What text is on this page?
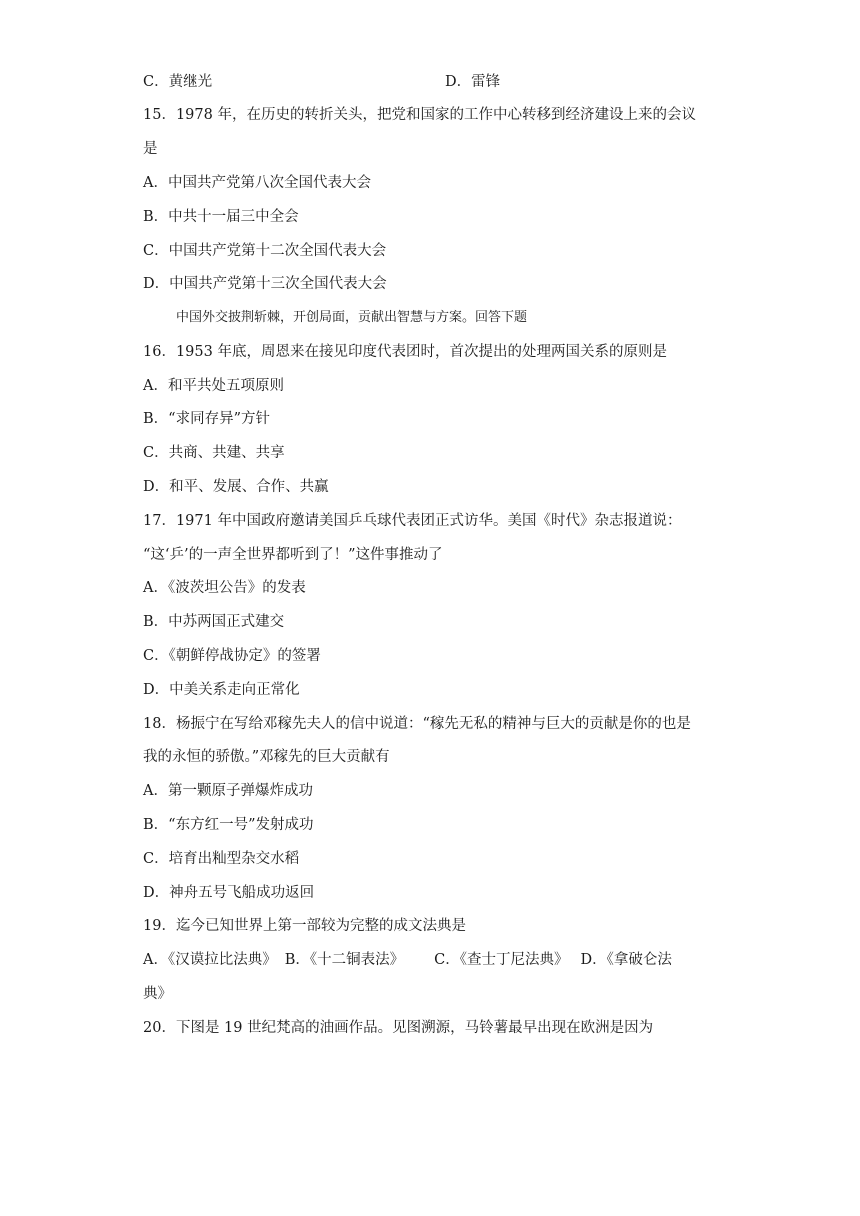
C．黄继光	D．雷锋
15．1978 年，在历史的转折关头，把党和国家的工作中心转移到经济建设上来的会议
是
A．中国共产党第八次全国代表大会
B．中共十一届三中全会
C．中国共产党第十二次全国代表大会
D．中国共产党第十三次全国代表大会
中国外交披荆斩棘，开创局面，贡献出智慧与方案。回答下题
16．1953 年底，周恩来在接见印度代表团时，首次提出的处理两国关系的原则是
A．和平共处五项原则
B．“求同存异”方针
C．共商、共建、共享
D．和平、发展、合作、共赢
17．1971 年中国政府邀请美国乒乓球代表团正式访华。美国《时代》杂志报道说：
“这‘乒’的一声全世界都听到了！”这件事推动了
A．《波茨坦公告》的发表
B．中苏两国正式建交
C．《朝鲜停战协定》的签署
D．中美关系走向正常化
18．杨振宁在写给邓稼先夫人的信中说道：“稼先无私的精神与巨大的贡献是你的也是
我的永恒的骄傲。”邓稼先的巨大贡献有
A．第一颗原子弹爆炸成功
B．“东方红一号”发射成功
C．培育出籼型杂交水稻
D．神舟五号飞船成功返回
19．迄今已知世界上第一部较为完整的成文法典是
A．《汉谟拉比法典》 B．《十二铜表法》 C．《查士丁尼法典》 D．《拿破仑法
典》
20．下图是 19 世纪梵高的油画作品。见图溯源，马铃薯最早出现在欧洲是因为
